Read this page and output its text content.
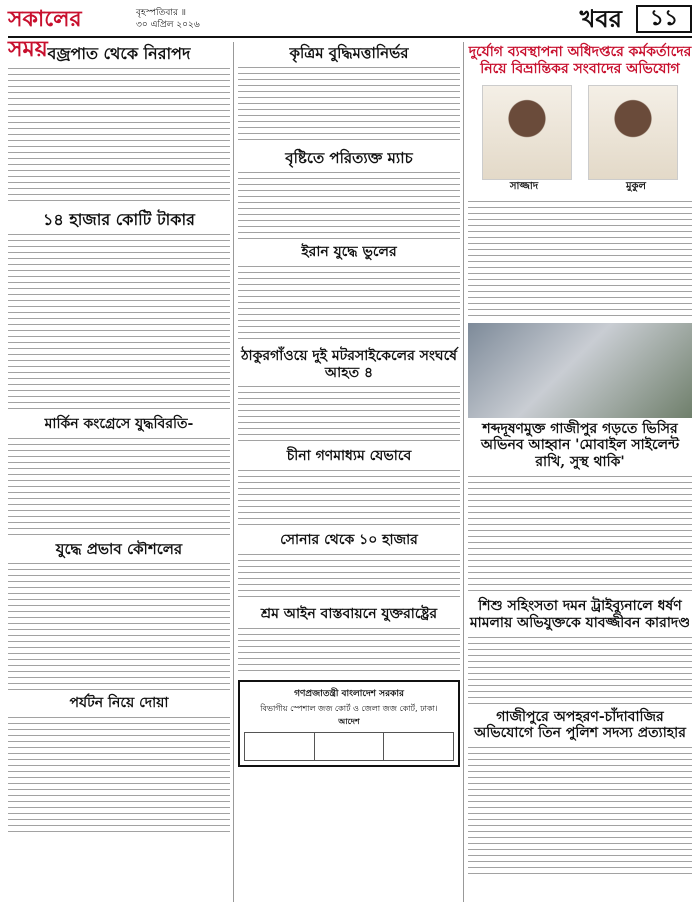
সকালের সময়
বৃহস্পতিবার ॥
৩০ এপ্রিল ২০২৬	খবর	১১
বজ্রপাত থেকে নিরাপদ
১৪ হাজার কোটি টাকার
মার্কিন কংগ্রেসে যুদ্ধবিরতি-
যুদ্ধে প্রভাব কৌশলের
পর্যটন নিয়ে দোয়া
কৃত্রিম বুদ্ধিমত্তানির্ভর
বৃষ্টিতে পরিত্যক্ত ম্যাচ
ইরান যুদ্ধে ভুলের
ঠাকুরগাঁওয়ে দুই মটরসাইকেলের সংঘর্ষে আহত ৪
চীনা গণমাধ্যম যেভাবে
সোনার থেকে ১০ হাজার
শ্রম আইন বাস্তবায়নে যুক্তরাষ্ট্রের
গণপ্রজাতন্ত্রী বাংলাদেশ সরকার
বিভাগীয় স্পেশাল জজ কোর্ট ও জেলা জজ কোর্ট, ঢাকা।
আদেশ

দুর্যোগ ব্যবস্থাপনা অধিদপ্তরে কর্মকর্তাদের নিয়ে বিভ্রান্তিকর সংবাদের অভিযোগ
সাজ্জাদ	মুকুল
শব্দদূষণমুক্ত গাজীপুর গড়তে ভিসির অভিনব আহ্বান 'মোবাইল সাইলেন্ট রাখি, সুস্থ থাকি'
শিশু সহিংসতা দমন ট্রাইব্যুনালে ধর্ষণ মামলায় অভিযুক্তকে যাবজ্জীবন কারাদণ্ড
গাজীপুরে অপহরণ-চাঁদাবাজির অভিযোগে তিন পুলিশ সদস্য প্রত্যাহার
